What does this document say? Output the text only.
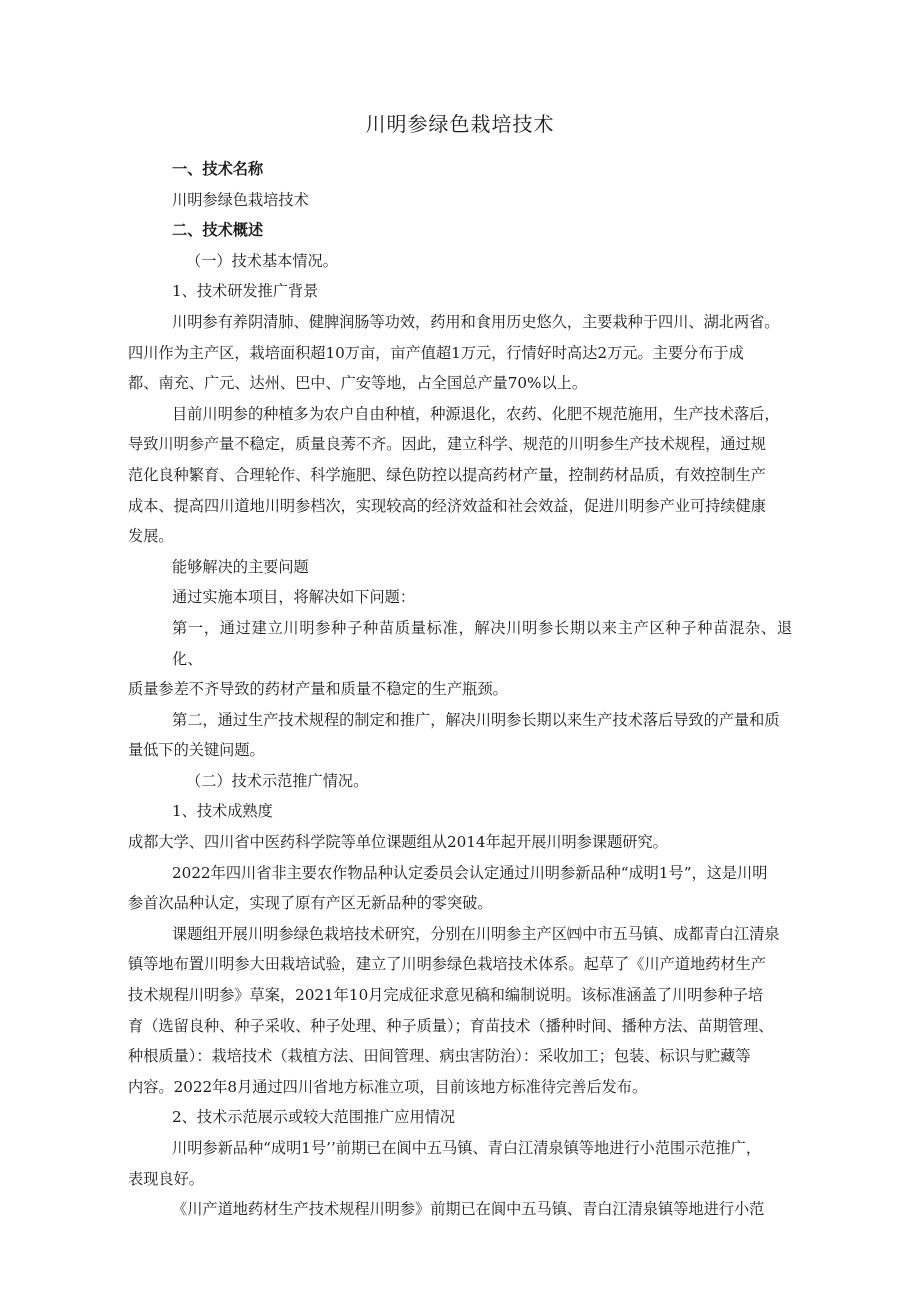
川明参绿色栽培技术

一、技术名称

川明参绿色栽培技术

二、技术概述

（一）技术基本情况。

1、技术研发推广背景

川明参有养阴清肺、健脾润肠等功效，药用和食用历史悠久，主要栽种于四川、湖北两省。

四川作为主产区，栽培面积超10万亩，亩产值超1万元，行情好时高达2万元。主要分布于成

都、南充、广元、达州、巴中、广安等地，占全国总产量70%以上。

目前川明参的种植多为农户自由种植，种源退化，农药、化肥不规范施用，生产技术落后，

导致川明参产量不稳定，质量良莠不齐。因此，建立科学、规范的川明参生产技术规程，通过规

范化良种繁育、合理轮作、科学施肥、绿色防控以提高药材产量，控制药材品质，有效控制生产

成本、提高四川道地川明参档次，实现较高的经济效益和社会效益，促进川明参产业可持续健康

发展。

能够解决的主要问题

通过实施本项目，将解决如下问题：

第一，通过建立川明参种子种苗质量标准，解决川明参长期以来主产区种子种苗混杂、退化、

质量参差不齐导致的药材产量和质量不稳定的生产瓶颈。

第二，通过生产技术规程的制定和推广，解决川明参长期以来生产技术落后导致的产量和质

量低下的关键问题。

（二）技术示范推广情况。

1、技术成熟度

成都大学、四川省中医药科学院等单位课题组从2014年起开展川明参课题研究。

2022年四川省非主要农作物品种认定委员会认定通过川明参新品种“成明1号”，这是川明

参首次品种认定，实现了原有产区无新品种的零突破。

课题组开展川明参绿色栽培技术研究，分别在川明参主产区㈣中市五马镇、成都青白江清泉

镇等地布置川明参大田栽培试验，建立了川明参绿色栽培技术体系。起草了《川产道地药材生产

技术规程川明参》草案，2021年10月完成征求意见稿和编制说明。该标准涵盖了川明参种子培

育（选留良种、种子采收、种子处理、种子质量）；育苗技术（播种时间、播种方法、苗期管理、

种根质量）：栽培技术（栽植方法、田间管理、病虫害防治）：采收加工；包装、标识与贮藏等

内容。2022年8月通过四川省地方标准立项，目前该地方标准待完善后发布。

2、技术示范展示或较大范围推广应用情况

川明参新品种“成明1号’’前期已在阆中五马镇、青白江清泉镇等地进行小范围示范推广，

表现良好。

《川产道地药材生产技术规程川明参》前期已在阆中五马镇、青白江清泉镇等地进行小范
